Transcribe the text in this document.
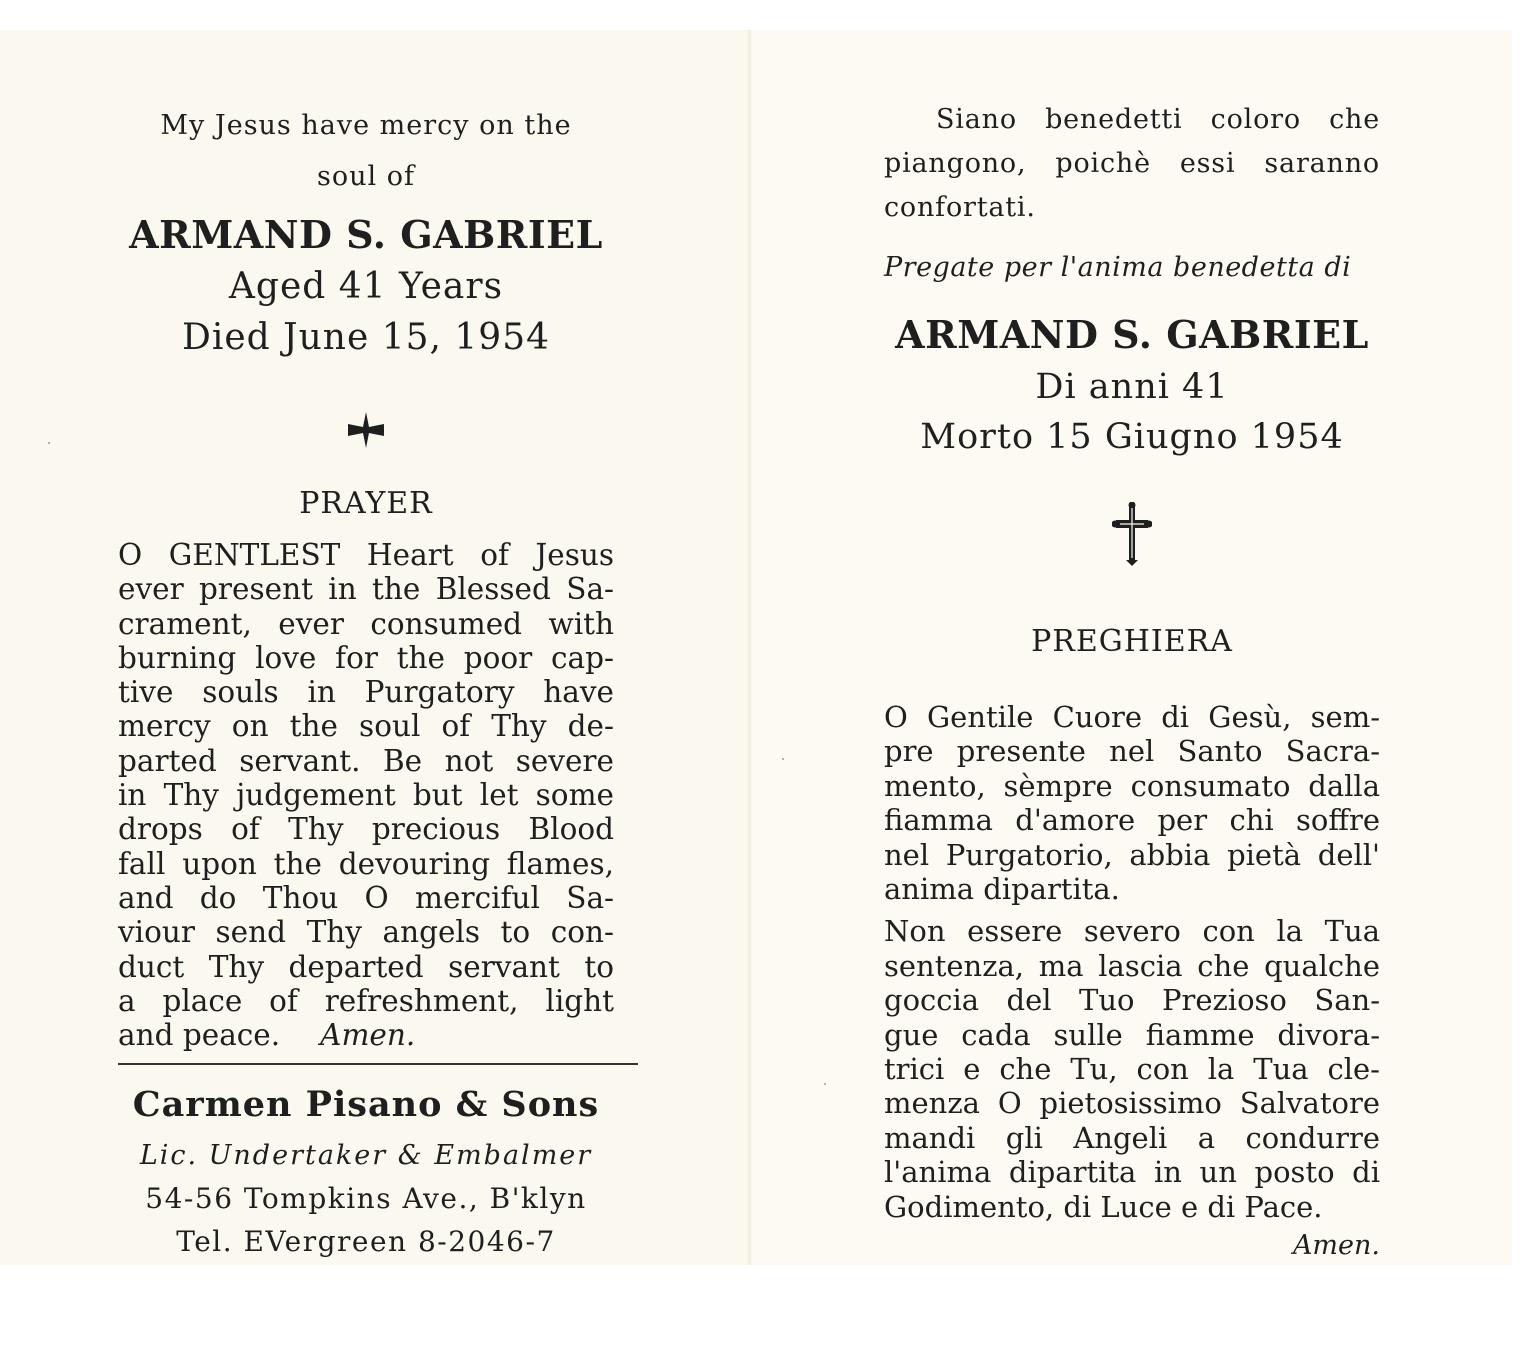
My Jesus have mercy on the soul of
ARMAND S. GABRIEL
Aged 41 Years
Died June 15, 1954
PRAYER
O GENTLEST Heart of Jesus
ever present in the Blessed Sa-
crament, ever consumed with
burning love for the poor cap-
tive souls in Purgatory have
mercy on the soul of Thy de-
parted servant. Be not severe
in Thy judgement but let some
drops of Thy precious Blood
fall upon the devouring flames,
and do Thou O merciful Sa-
viour send Thy angels to con-
duct Thy departed servant to
a place of refreshment, light
and peace. Amen.
Carmen Pisano & Sons
Lic. Undertaker & Embalmer
54-56 Tompkins Ave., B'klyn
Tel. EVergreen 8-2046-7
Siano benedetti coloro che
piangono, poichè essi saranno
confortati.
Pregate per l'anima benedetta di
ARMAND S. GABRIEL
Di anni 41
Morto 15 Giugno 1954
PREGHIERA
O Gentile Cuore di Gesù, sem-
pre presente nel Santo Sacra-
mento, sèmpre consumato dalla
fiamma d'amore per chi soffre
nel Purgatorio, abbia pietà dell'
anima dipartita.
Non essere severo con la Tua
sentenza, ma lascia che qualche
goccia del Tuo Prezioso San-
gue cada sulle fiamme divora-
trici e che Tu, con la Tua cle-
menza O pietosissimo Salvatore
mandi gli Angeli a condurre
l'anima dipartita in un posto di
Godimento, di Luce e di Pace.
Amen.
